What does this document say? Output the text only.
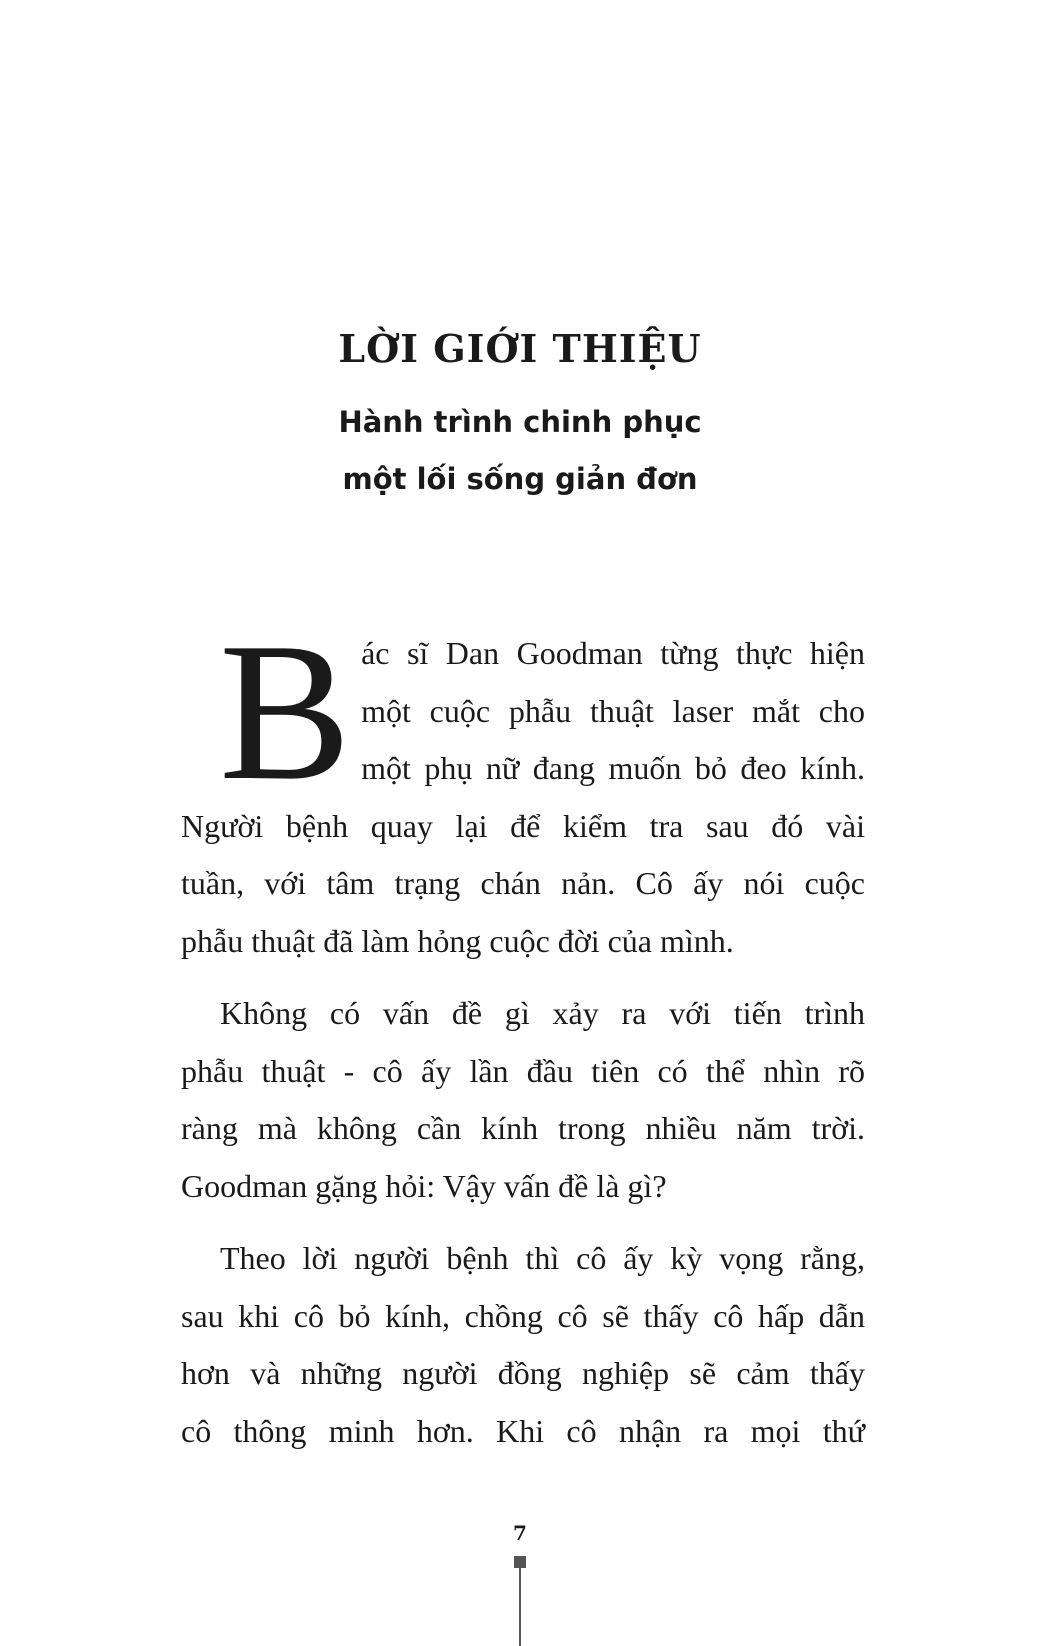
LỜI GIỚI THIỆU
Hành trình chinh phục
một lối sống giản đơn
B ác sĩ Dan Goodman từng thực hiện

một cuộc phẫu thuật laser mắt cho

một phụ nữ đang muốn bỏ đeo kính.

Người bệnh quay lại để kiểm tra sau đó vài

tuần, với tâm trạng chán nản. Cô ấy nói cuộc

phẫu thuật đã làm hỏng cuộc đời của mình.

Không có vấn đề gì xảy ra với tiến trình

phẫu thuật - cô ấy lần đầu tiên có thể nhìn rõ

ràng mà không cần kính trong nhiều năm trời.

Goodman gặng hỏi: Vậy vấn đề là gì?

Theo lời người bệnh thì cô ấy kỳ vọng rằng,

sau khi cô bỏ kính, chồng cô sẽ thấy cô hấp dẫn

hơn và những người đồng nghiệp sẽ cảm thấy

cô thông minh hơn. Khi cô nhận ra mọi thứ

7
